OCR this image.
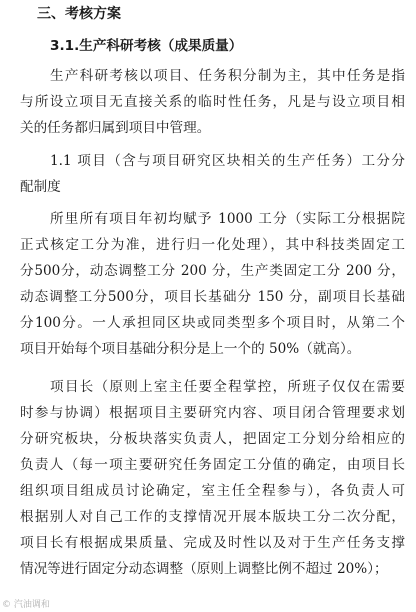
三、考核方案
3.1.生产科研考核（成果质量）
生产科研考核以项目、任务积分制为主，其中任务是指
与所设立项目无直接关系的临时性任务，凡是与设立项目相
关的任务都归属到项目中管理。
1.1 项目（含与项目研究区块相关的生产任务）工分分
配制度
所里所有项目年初均赋予 1000 工分（实际工分根据院
正式核定工分为准，进行归一化处理），其中科技类固定工
分500分，动态调整工分 200 分，生产类固定工分 200 分，
动态调整工分500分，项目长基础分 150 分，副项目长基础
分100分。一人承担同区块或同类型多个项目时，从第二个
项目开始每个项目基础分积分是上一个的 50%（就高）。
项目长（原则上室主任要全程掌控，所班子仅仅在需要
时参与协调）根据项目主要研究内容、项目闭合管理要求划
分研究板块，分板块落实负责人，把固定工分划分给相应的
负责人（每一项主要研究任务固定工分值的确定，由项目长
组织项目组成员讨论确定，室主任全程参与），各负责人可
根据别人对自己工作的支撑情况开展本版块工分二次分配，
项目长有根据成果质量、完成及时性以及对于生产任务支撑
情况等进行固定分动态调整（原则上调整比例不超过 20%）；
© 汽油调和
